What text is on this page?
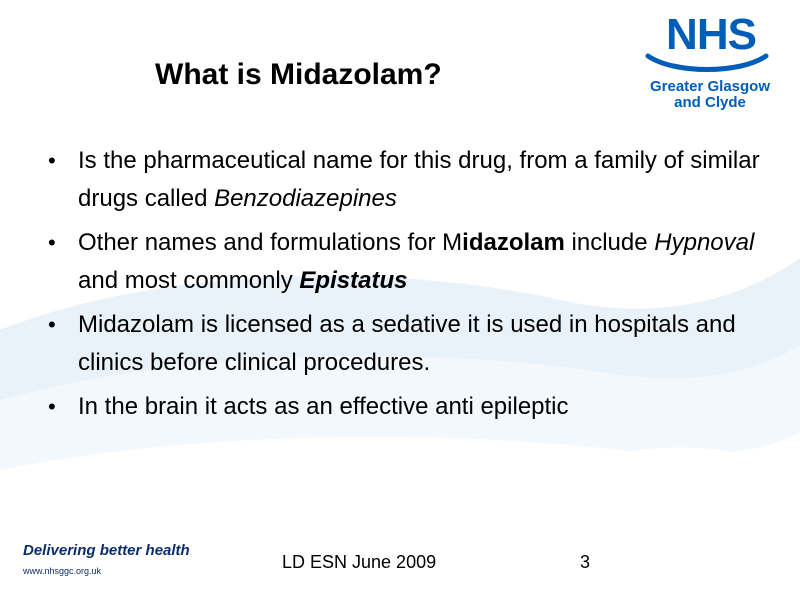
NHS
Greater Glasgow
and Clyde
What is Midazolam?
• Is the pharmaceutical name for this drug, from a family of similar drugs called Benzodiazepines
• Other names and formulations for Midazolam include Hypnoval and most commonly Epistatus
• Midazolam is licensed as a sedative it is used in hospitals and clinics before clinical procedures.
• In the brain it acts as an effective anti epileptic
Delivering better health
www.nhsggc.org.uk	LD ESN June 2009	3
